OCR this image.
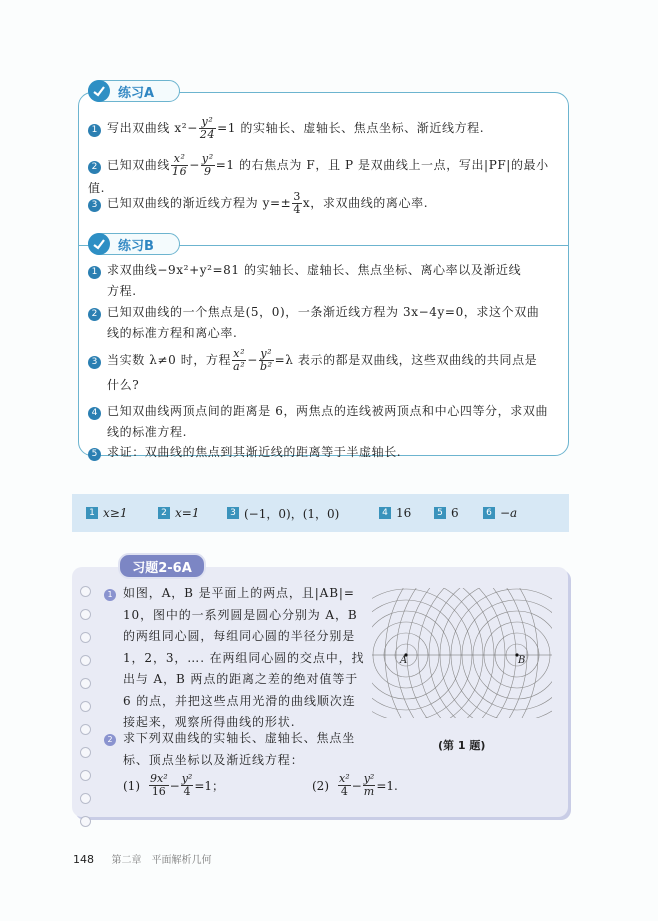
练习A
1 写出双曲线 $x^2- \frac{\text{y²}}{24} =1$ 的实轴长、虚轴长、焦点坐标、渐近线方程.
2 已知双曲线 $\frac{\text{x²}}{16} - \frac{\text{y²}}{9} =1$ 的右焦点为 F，且 P 是双曲线上一点，写出|PF|的最小值.
3 已知双曲线的渐近线方程为 $y=\pm \frac{3}{4}$ x，求双曲线的离心率.
练习B
1 求双曲线−9x²+y²=81 的实轴长、虚轴长、焦点坐标、离心率以及渐近线
方程.
2 已知双曲线的一个焦点是(5，0)，一条渐近线方程为 3x−4y=0，求这个双曲
线的标准方程和离心率.
3 当实数 λ≠0 时，方程 $\frac{\text{x²}}{\text{a²}} - \frac{\text{y²}}{\text{b²}} =\lambda$ 表示的都是双曲线，这些双曲线的共同点是
什么?
4 已知双曲线两顶点间的距离是 6，两焦点的连线被两顶点和中心四等分，求双曲
线的标准方程.
5 求证：双曲线的焦点到其渐近线的距离等于半虚轴长.
1 x≥1	2 x=1	3 (−1，0)，(1，0)	4 16	5 6	6 −a
习题2-6A
1 如图，A，B 是平面上的两点，且|AB|=
10，图中的一系列圆是圆心分别为 A，B
的两组同心圆，每组同心圆的半径分别是
1，2，3，…. 在两组同心圆的交点中，找
出与 A，B 两点的距离之差的绝对值等于
6 的点，并把这些点用光滑的曲线顺次连
接起来，观察所得曲线的形状.
2 求下列双曲线的实轴长、虚轴长、焦点坐
标、顶点坐标以及渐近线方程：
$(1) \frac{\text{9x²}}{16} - \frac{\text{y²}}{4} =1$；	$(2) \frac{\text{x²}}{4} - \frac{\text{y²}}{m} =1$.
A	B
(第 1 题)
148 第二章　平面解析几何
